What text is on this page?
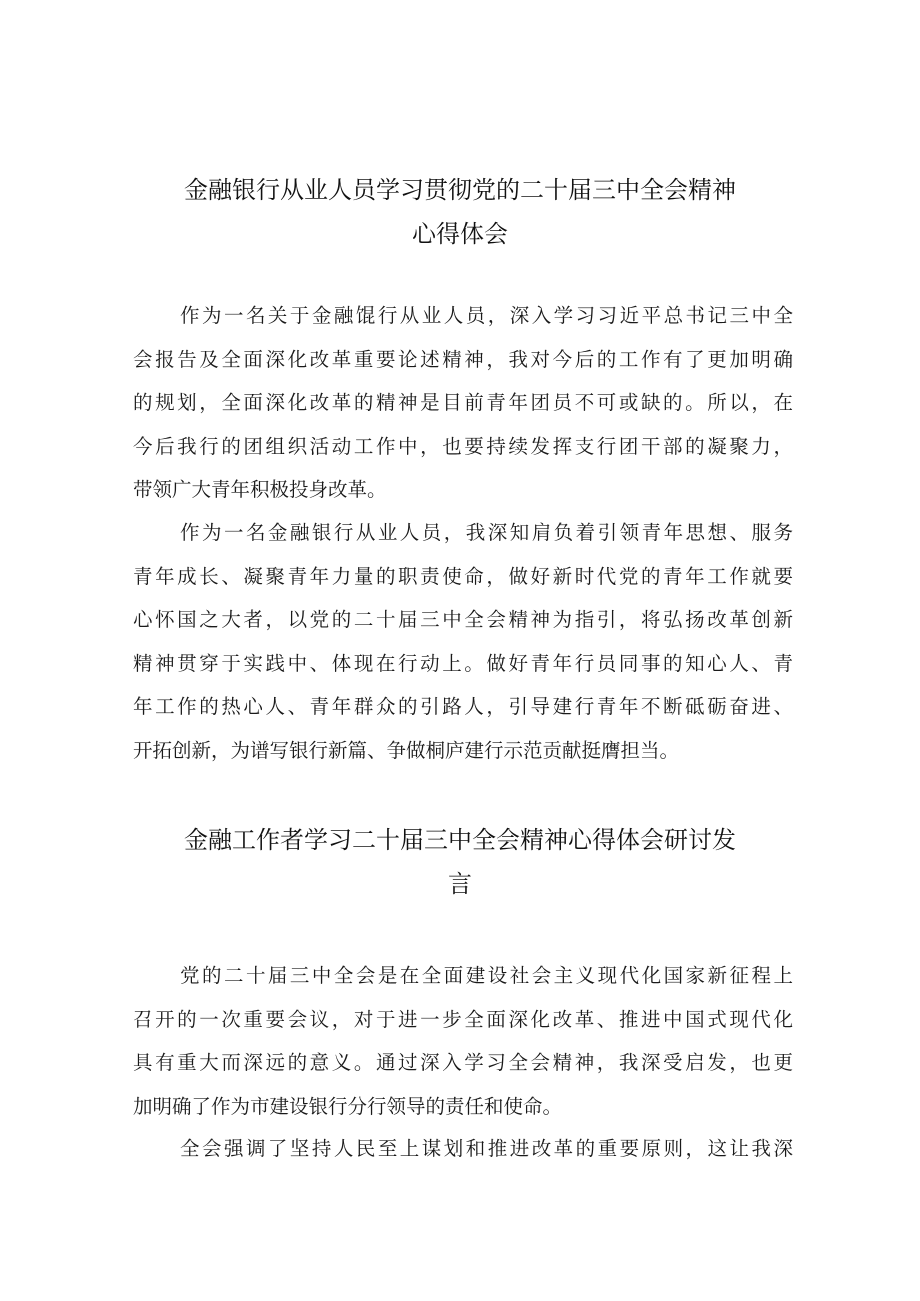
金融银行从业人员学习贯彻党的二十届三中全会精神
心得体会
作为一名关于金融馄行从业人员，深入学习习近平总书记三中全
会报告及全面深化改革重要论述精神，我对今后的工作有了更加明确
的规划，全面深化改革的精神是目前青年团员不可或缺的。所以，在
今后我行的团组织活动工作中，也要持续发挥支行团干部的凝聚力，
带领广大青年积极投身改革。
作为一名金融银行从业人员，我深知肩负着引领青年思想、服务
青年成长、凝聚青年力量的职责使命，做好新时代党的青年工作就要
心怀国之大者，以党的二十届三中全会精神为指引，将弘扬改革创新
精神贯穿于实践中、体现在行动上。做好青年行员同事的知心人、青
年工作的热心人、青年群众的引路人，引导建行青年不断砥砺奋进、
开拓创新，为谱写银行新篇、争做桐庐建行示范贡献挺膺担当。
金融工作者学习二十届三中全会精神心得体会研讨发
言
党的二十届三中全会是在全面建设社会主义现代化国家新征程上
召开的一次重要会议，对于进一步全面深化改革、推进中国式现代化
具有重大而深远的意义。通过深入学习全会精神，我深受启发，也更
加明确了作为市建设银行分行领导的责任和使命。
全会强调了坚持人民至上谋划和推进改革的重要原则，这让我深
